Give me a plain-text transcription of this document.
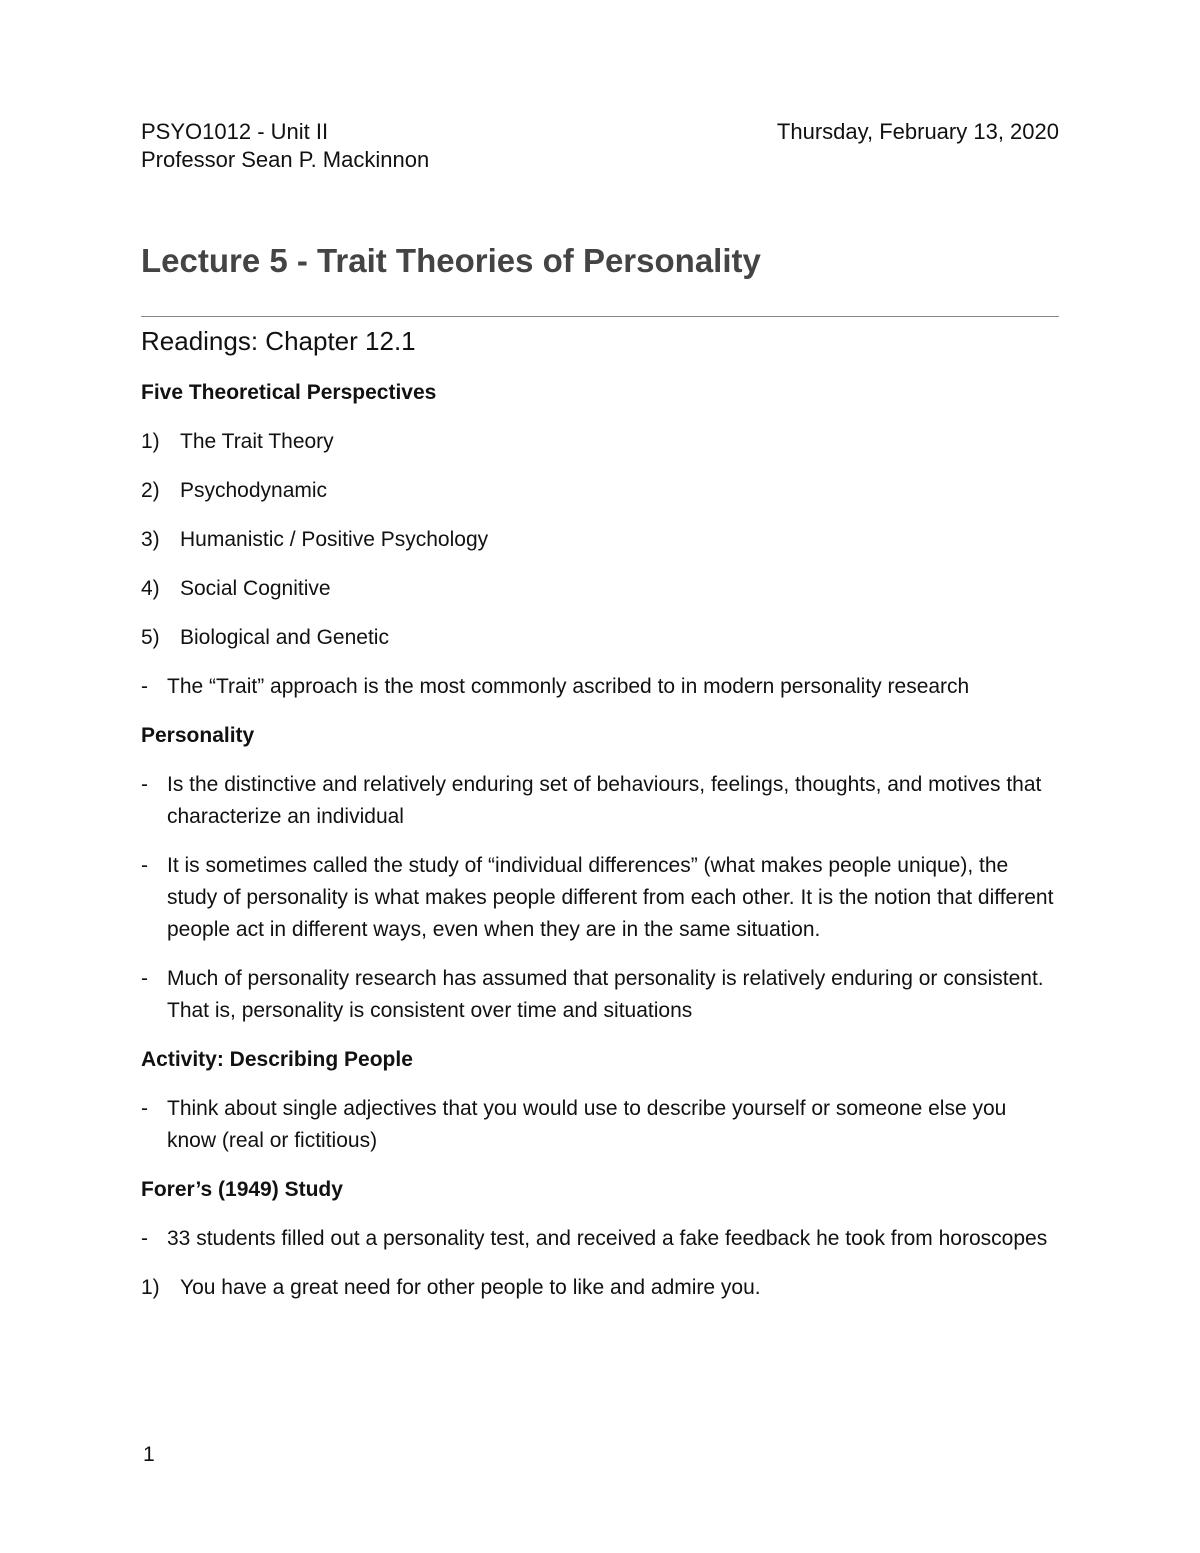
PSYO1012 - Unit II
Professor Sean P. Mackinnon
Thursday, February 13, 2020
Lecture 5 - Trait Theories of Personality
Readings: Chapter 12.1
Five Theoretical Perspectives
1) The Trait Theory
2) Psychodynamic
3) Humanistic / Positive Psychology
4) Social Cognitive
5) Biological and Genetic
- The “Trait” approach is the most commonly ascribed to in modern personality research
Personality
- Is the distinctive and relatively enduring set of behaviours, feelings, thoughts, and motives that characterize an individual
- It is sometimes called the study of “individual differences” (what makes people unique), the study of personality is what makes people different from each other. It is the notion that different people act in different ways, even when they are in the same situation.
- Much of personality research has assumed that personality is relatively enduring or consistent. That is, personality is consistent over time and situations
Activity: Describing People
- Think about single adjectives that you would use to describe yourself or someone else you know (real or fictitious)
Forer’s (1949) Study
- 33 students filled out a personality test, and received a fake feedback he took from horoscopes
1) You have a great need for other people to like and admire you.
1
